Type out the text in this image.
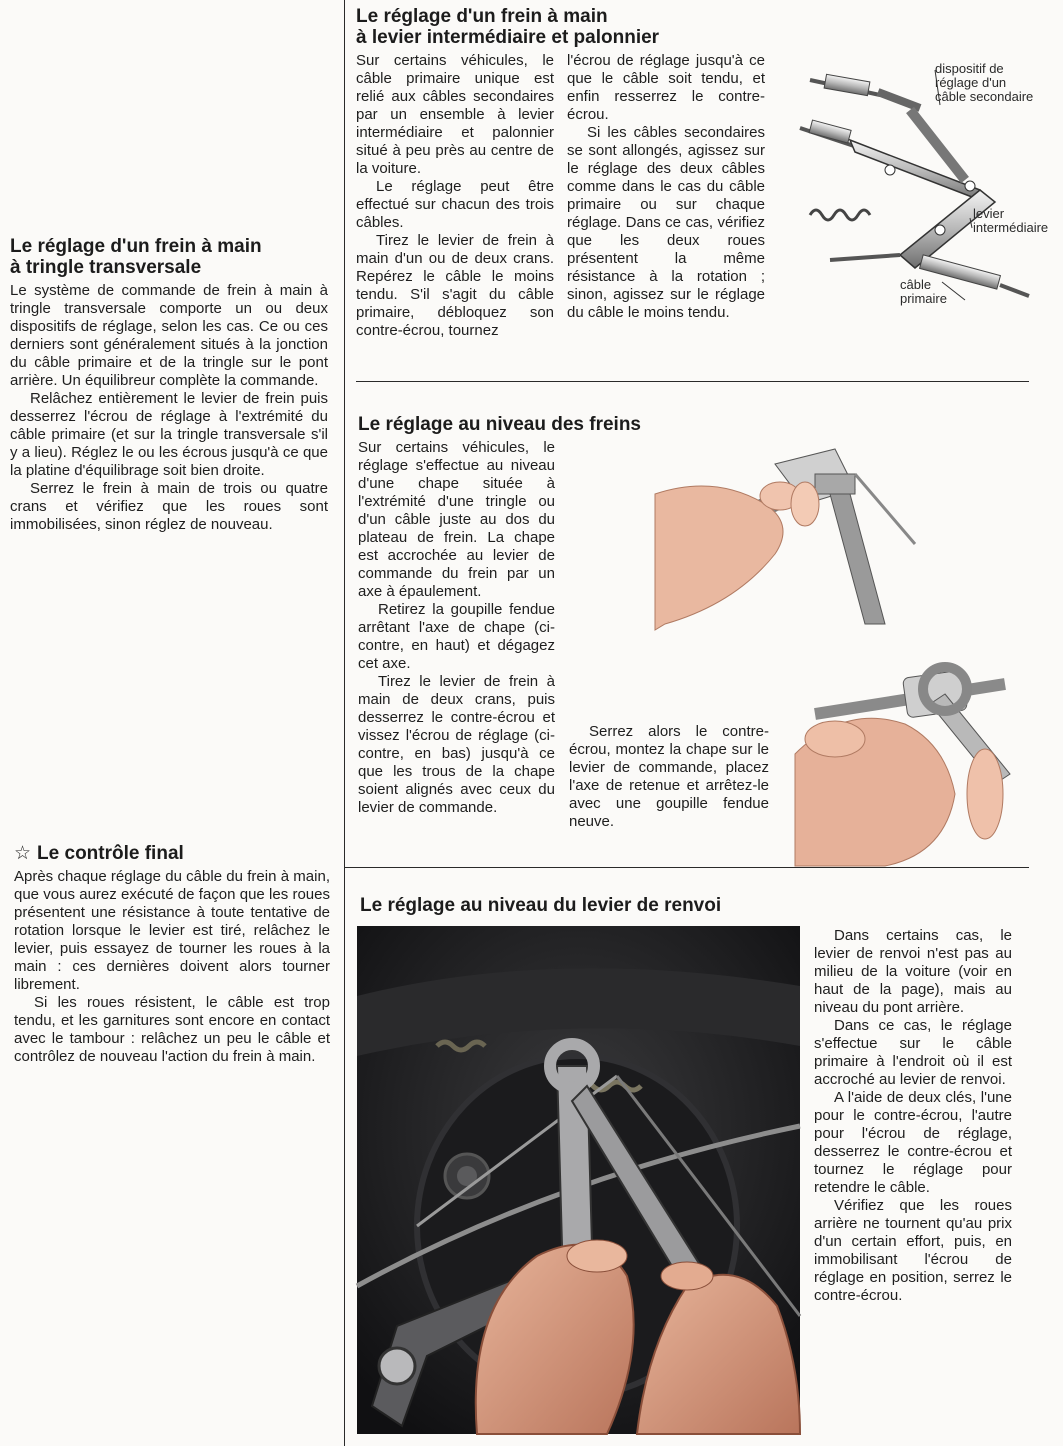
Le réglage d'un frein à main
à tringle transversale

Le système de commande de frein à main à tringle transversale comporte un ou deux dispositifs de réglage, selon les cas. Ce ou ces derniers sont généralement situés à la jonction du câble primaire et de la tringle sur le pont arrière. Un équilibreur complète la commande.

Relâchez entièrement le levier de frein puis desserrez l'écrou de réglage à l'extrémité du câble primaire (et sur la tringle transversale s'il y a lieu). Réglez le ou les écrous jusqu'à ce que la platine d'équilibrage soit bien droite.

Serrez le frein à main de trois ou quatre crans et vérifiez que les roues sont immobilisées, sinon réglez de nouveau.

☆ Le contrôle final

Après chaque réglage du câble du frein à main, que vous aurez exécuté de façon que les roues présentent une résistance à toute tentative de rotation lorsque le levier est tiré, relâchez le levier, puis essayez de tourner les roues à la main : ces dernières doivent alors tourner librement.

Si les roues résistent, le câble est trop tendu, et les garnitures sont encore en contact avec le tambour : relâchez un peu le câble et contrôlez de nouveau l'action du frein à main.

Le réglage d'un frein à main
à levier intermédiaire et palonnier

Sur certains véhicules, le câble primaire unique est relié aux câbles secondaires par un ensemble à levier intermédiaire et palonnier situé à peu près au centre de la voiture.

Le réglage peut être effectué sur chacun des trois câbles.

Tirez le levier de frein à main d'un ou de deux crans. Repérez le câble le moins tendu. S'il s'agit du câble primaire, débloquez son contre-écrou, tournez

l'écrou de réglage jusqu'à ce que le câble soit tendu, et enfin resserrez le contre-écrou.

Si les câbles secondaires se sont allongés, agissez sur le réglage des deux câbles comme dans le cas du câble primaire ou sur chaque réglage. Dans ce cas, vérifiez que les deux roues présentent la même résistance à la rotation ; sinon, agissez sur le réglage du câble le moins tendu.

dispositif de
réglage d'un
câble secondaire
levier
intermédiaire
câble
primaire
Le réglage au niveau des freins

Sur certains véhicules, le réglage s'effectue au niveau d'une chape située à l'extrémité d'une tringle ou d'un câble juste au dos du plateau de frein. La chape est accrochée au levier de commande du frein par un axe à épaulement.

Retirez la goupille fendue arrêtant l'axe de chape (ci-contre, en haut) et dégagez cet axe.

Tirez le levier de frein à main de deux crans, puis desserrez le contre-écrou et vissez l'écrou de réglage (ci-contre, en bas) jusqu'à ce que les trous de la chape soient alignés avec ceux du levier de commande.

Serrez alors le contre-écrou, montez la chape sur le levier de commande, placez l'axe de retenue et arrêtez-le avec une goupille fendue neuve.

Le réglage au niveau du levier de renvoi

Dans certains cas, le levier de renvoi n'est pas au milieu de la voiture (voir en haut de la page), mais au niveau du pont arrière.

Dans ce cas, le réglage s'effectue sur le câble primaire à l'endroit où il est accroché au levier de renvoi.

A l'aide de deux clés, l'une pour le contre-écrou, l'autre pour l'écrou de réglage, desserrez le contre-écrou et tournez le réglage pour retendre le câble.

Vérifiez que les roues arrière ne tournent qu'au prix d'un certain effort, puis, en immobilisant l'écrou de réglage en position, serrez le contre-écrou.
